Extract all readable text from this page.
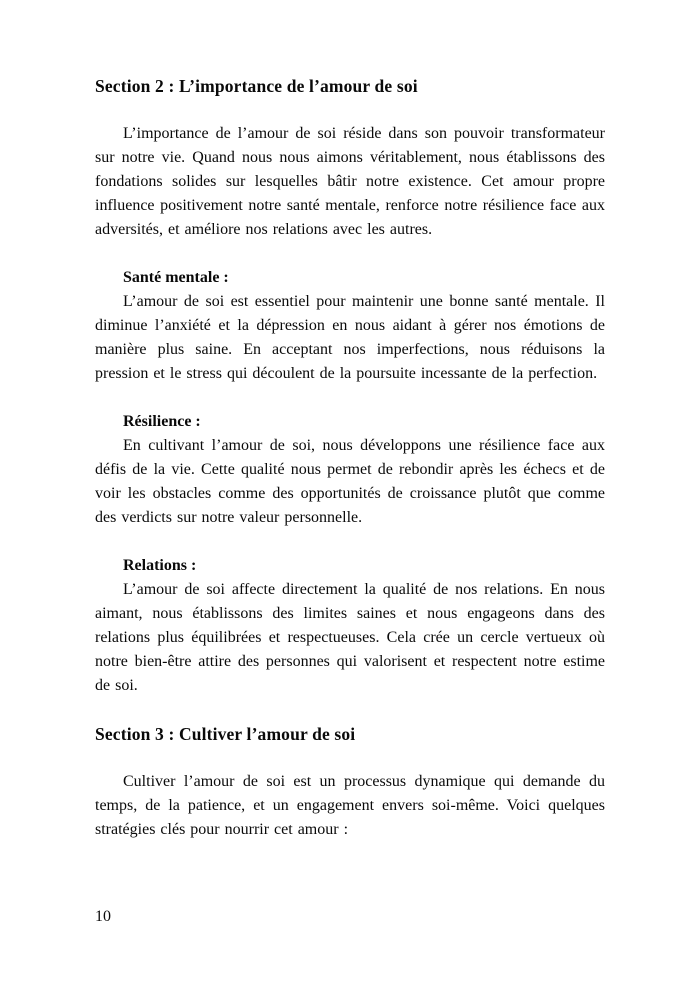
Section 2 : L’importance de l’amour de soi

L’importance de l’amour de soi réside dans son pouvoir transformateur sur notre vie. Quand nous nous aimons véritablement, nous établissons des fondations solides sur lesquelles bâtir notre existence. Cet amour propre influence positivement notre santé mentale, renforce notre résilience face aux adversités, et améliore nos relations avec les autres.

Santé mentale :

L’amour de soi est essentiel pour maintenir une bonne santé mentale. Il diminue l’anxiété et la dépression en nous aidant à gérer nos émotions de manière plus saine. En acceptant nos imperfections, nous réduisons la pression et le stress qui découlent de la poursuite incessante de la perfection.

Résilience :

En cultivant l’amour de soi, nous développons une résilience face aux défis de la vie. Cette qualité nous permet de rebondir après les échecs et de voir les obstacles comme des opportunités de croissance plutôt que comme des verdicts sur notre valeur personnelle.

Relations :

L’amour de soi affecte directement la qualité de nos relations. En nous aimant, nous établissons des limites saines et nous engageons dans des relations plus équilibrées et respectueuses. Cela crée un cercle vertueux où notre bien-être attire des personnes qui valorisent et respectent notre estime de soi.

Section 3 : Cultiver l’amour de soi

Cultiver l’amour de soi est un processus dynamique qui demande du temps, de la patience, et un engagement envers soi-même. Voici quelques stratégies clés pour nourrir cet amour :

10
